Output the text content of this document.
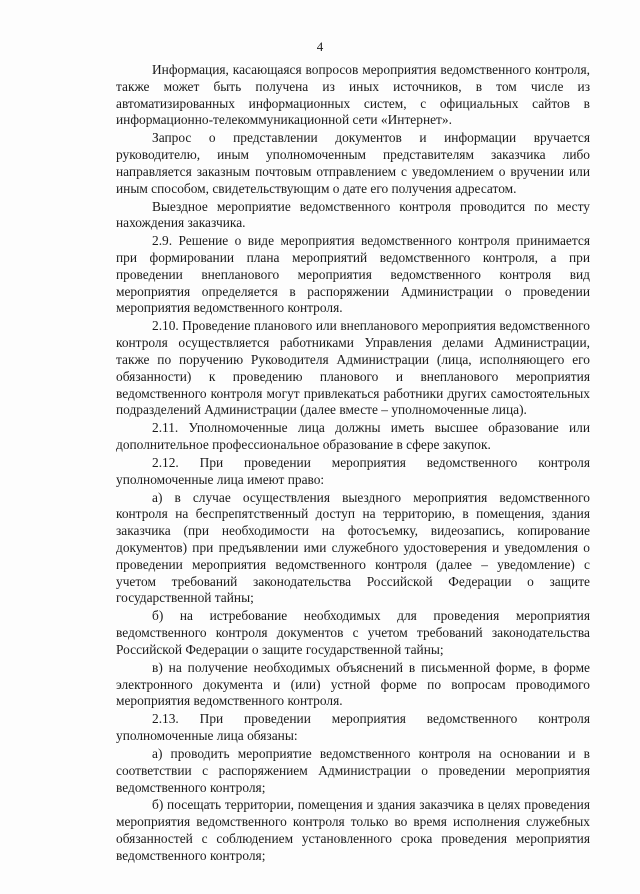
4

Информация, касающаяся вопросов мероприятия ведомственного контроля, также может быть получена из иных источников, в том числе из автоматизированных информационных систем, с официальных сайтов в информационно-телекоммуникационной сети «Интернет».

Запрос о представлении документов и информации вручается руководителю, иным уполномоченным представителям заказчика либо направляется заказным почтовым отправлением с уведомлением о вручении или иным способом, свидетельствующим о дате его получения адресатом.

Выездное мероприятие ведомственного контроля проводится по месту нахождения заказчика.

2.9. Решение о виде мероприятия ведомственного контроля принимается при формировании плана мероприятий ведомственного контроля, а при проведении внепланового мероприятия ведомственного контроля вид мероприятия определяется в распоряжении Администрации о проведении мероприятия ведомственного контроля.

2.10. Проведение планового или внепланового мероприятия ведомственного контроля осуществляется работниками Управления делами Администрации, также по поручению Руководителя Администрации (лица, исполняющего его обязанности) к проведению планового и внепланового мероприятия ведомственного контроля могут привлекаться работники других самостоятельных подразделений Администрации (далее вместе – уполномоченные лица).

2.11. Уполномоченные лица должны иметь высшее образование или дополнительное профессиональное образование в сфере закупок.

2.12. При проведении мероприятия ведомственного контроля уполномоченные лица имеют право:

а) в случае осуществления выездного мероприятия ведомственного контроля на беспрепятственный доступ на территорию, в помещения, здания заказчика (при необходимости на фотосъемку, видеозапись, копирование документов) при предъявлении ими служебного удостоверения и уведомления о проведении мероприятия ведомственного контроля (далее – уведомление) с учетом требований законодательства Российской Федерации о защите государственной тайны;

б) на истребование необходимых для проведения мероприятия ведомственного контроля документов с учетом требований законодательства Российской Федерации о защите государственной тайны;

в) на получение необходимых объяснений в письменной форме, в форме электронного документа и (или) устной форме по вопросам проводимого мероприятия ведомственного контроля.

2.13. При проведении мероприятия ведомственного контроля уполномоченные лица обязаны:

а) проводить мероприятие ведомственного контроля на основании и в соответствии с распоряжением Администрации о проведении мероприятия ведомственного контроля;

б) посещать территории, помещения и здания заказчика в целях проведения мероприятия ведомственного контроля только во время исполнения служебных обязанностей с соблюдением установленного срока проведения мероприятия ведомственного контроля;
